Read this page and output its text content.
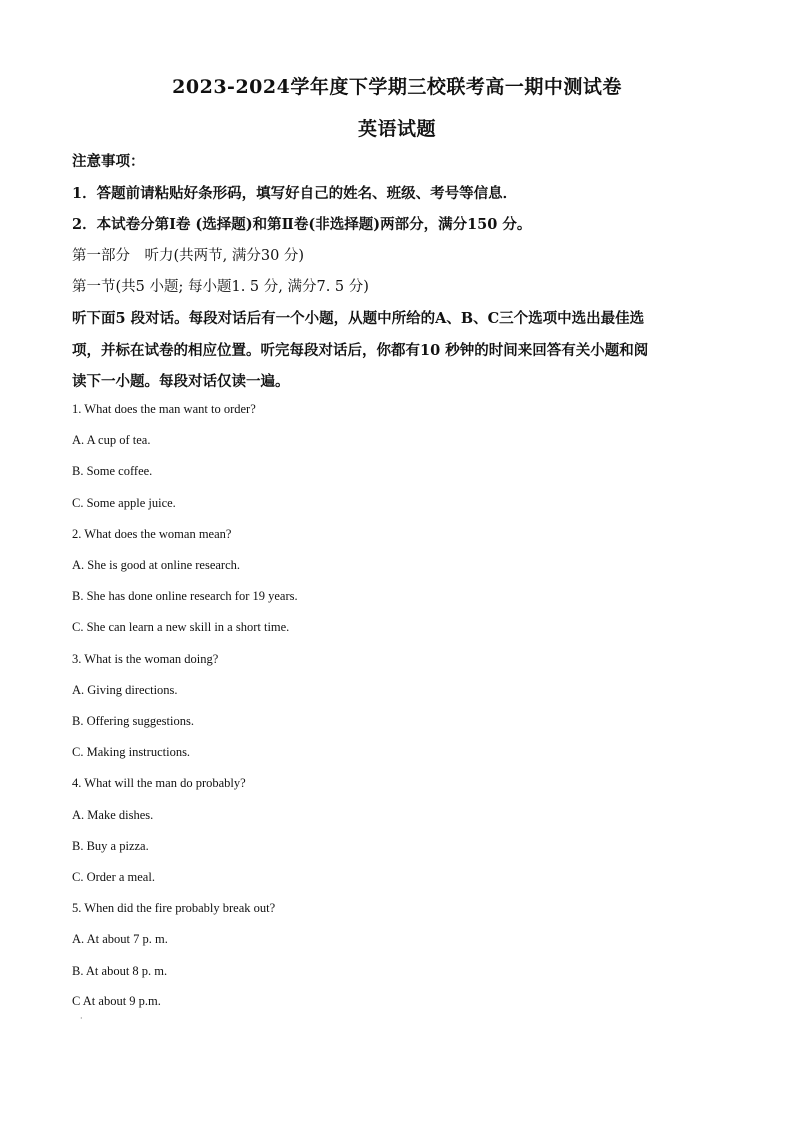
2023-2024学年度下学期三校联考高一期中测试卷
英语试题
注意事项：
1．答题前请粘贴好条形码，填写好自己的姓名、班级、考号等信息．
2．本试卷分第Ⅰ卷 (选择题)和第Ⅱ卷(非选择题)两部分，满分150 分。
第一部分　听力(共两节, 满分30 分)
第一节(共5 小题; 每小题1. 5 分, 满分7. 5 分)
听下面5 段对话。每段对话后有一个小题，从题中所给的A、B、C三个选项中选出最佳选
项，并标在试卷的相应位置。听完每段对话后，你都有10 秒钟的时间来回答有关小题和阅
读下一小题。每段对话仅读一遍。
1. What does the man want to order?
A. A cup of tea.
B. Some coffee.
C. Some apple juice.
2. What does the woman mean?
A. She is good at online research.
B. She has done online research for 19 years.
C. She can learn a new skill in a short time.
3. What is the woman doing?
A. Giving directions.
B. Offering suggestions.
C. Making instructions.
4. What will the man do probably?
A. Make dishes.
B. Buy a pizza.
C. Order a meal.
5. When did the fire probably break out?
A. At about 7 p. m.
B. At about 8 p. m.
C At about 9 p.m.
·
